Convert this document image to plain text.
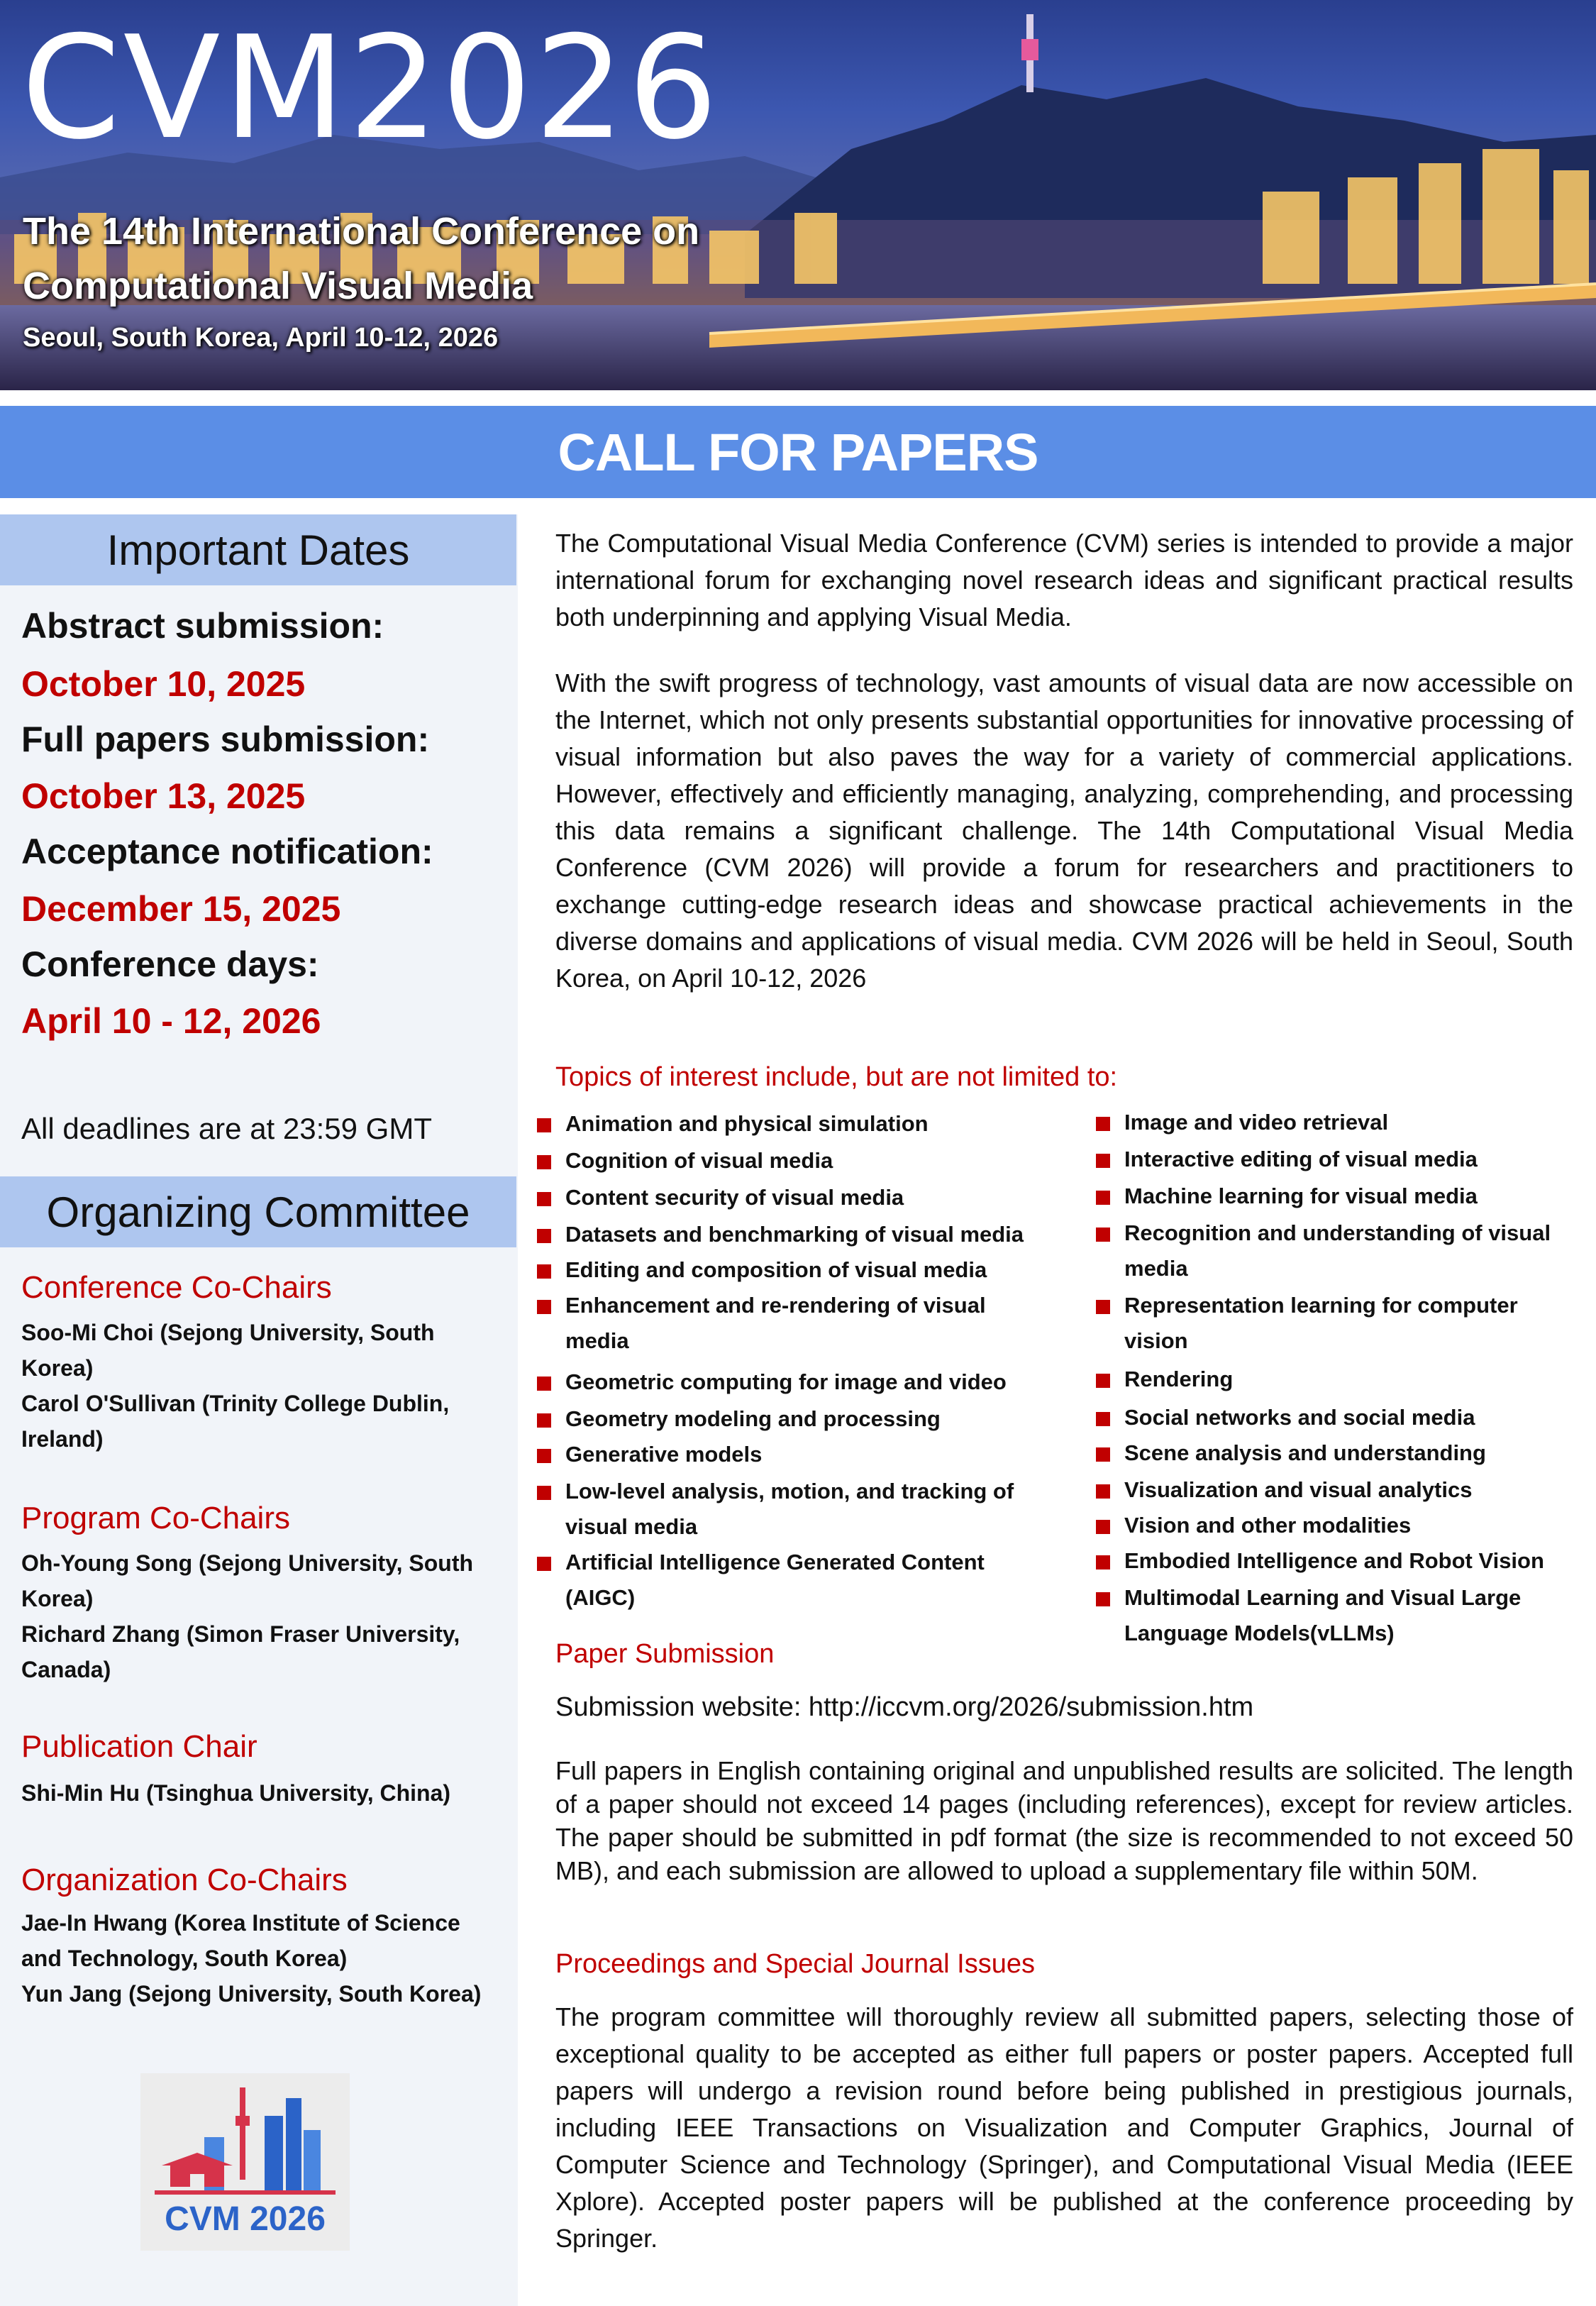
CVM2026
The 14th International Conference on
Computational Visual Media
Seoul, South Korea, April 10-12, 2026
CALL FOR PAPERS
Important Dates
Abstract submission:
October 10, 2025
Full papers submission:
October 13, 2025
Acceptance notification:
December 15, 2025
Conference days:
April 10 - 12, 2026
All deadlines are at 23:59 GMT
Organizing Committee
Conference Co-Chairs
Soo-Mi Choi (Sejong University, South Korea)
Carol O'Sullivan (Trinity College Dublin, Ireland)
Program Co-Chairs
Oh-Young Song (Sejong University, South Korea)
Richard Zhang (Simon Fraser University, Canada)
Publication Chair
Shi-Min Hu (Tsinghua University, China)
Organization Co-Chairs
Jae-In Hwang (Korea Institute of Science and Technology, South Korea)
Yun Jang (Sejong University, South Korea)
CVM 2026
The Computational Visual Media Conference (CVM) series is intended to provide a major international forum for exchanging novel research ideas and significant practical results both underpinning and applying Visual Media.
With the swift progress of technology, vast amounts of visual data are now accessible on the Internet, which not only presents substantial opportunities for innovative processing of visual information but also paves the way for a variety of commercial applications. However, effectively and efficiently managing, analyzing, comprehending, and processing this data remains a significant challenge. The 14th Computational Visual Media Conference (CVM 2026) will provide a forum for researchers and practitioners to exchange cutting-edge research ideas and showcase practical achievements in the diverse domains and applications of visual media. CVM 2026 will be held in Seoul, South Korea, on April 10-12, 2026
Topics of interest include, but are not limited to:
Animation and physical simulation
Cognition of visual media
Content security of visual media
Datasets and benchmarking of visual media
Editing and composition of visual media
Enhancement and re-rendering of visual media
Geometric computing for image and video
Geometry modeling and processing
Generative models
Low-level analysis, motion, and tracking of visual media
Artificial Intelligence Generated Content (AIGC)
Image and video retrieval
Interactive editing of visual media
Machine learning for visual media
Recognition and understanding of visual media
Representation learning for computer vision
Rendering
Social networks and social media
Scene analysis and understanding
Visualization and visual analytics
Vision and other modalities
Embodied Intelligence and Robot Vision
Multimodal Learning and Visual Large Language Models(vLLMs)
Paper Submission
Submission website: http://iccvm.org/2026/submission.htm
Full papers in English containing original and unpublished results are solicited. The length of a paper should not exceed 14 pages (including references), except for review articles. The paper should be submitted in pdf format (the size is recommended to not exceed 50 MB), and each submission are allowed to upload a supplementary file within 50M.
Proceedings and Special Journal Issues
The program committee will thoroughly review all submitted papers, selecting those of exceptional quality to be accepted as either full papers or poster papers. Accepted full papers will undergo a revision round before being published in prestigious journals, including IEEE Transactions on Visualization and Computer Graphics, Journal of Computer Science and Technology (Springer), and Computational Visual Media (IEEE Xplore). Accepted poster papers will be published at the conference proceeding by Springer.
